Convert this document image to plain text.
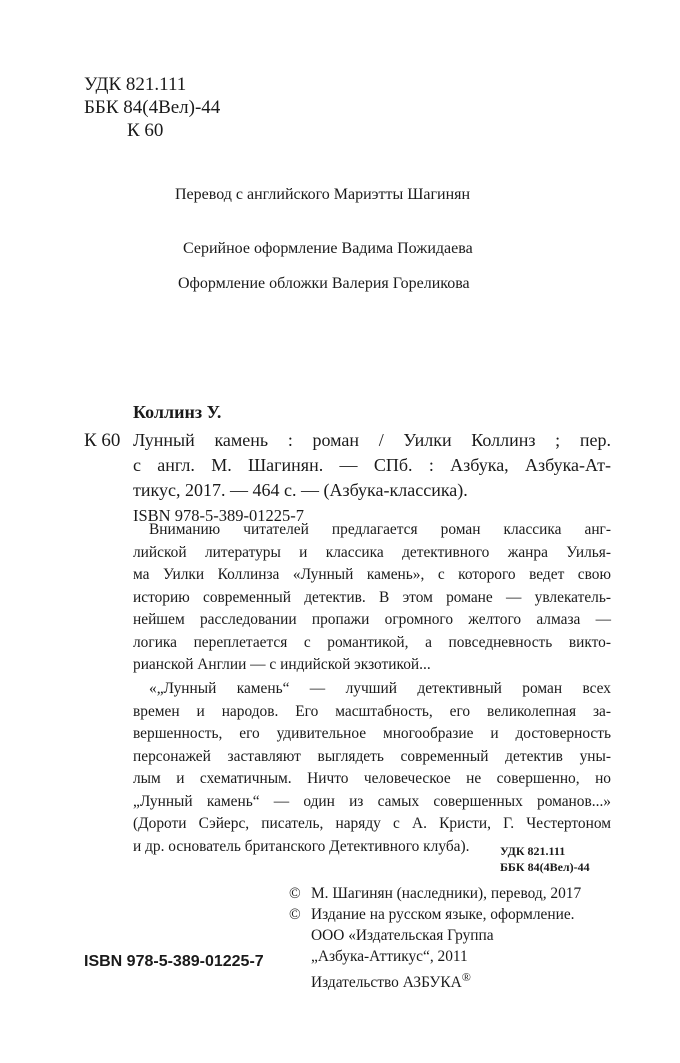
УДК 821.111
ББК 84(4Вел)-44
К 60
Перевод с английского Мариэтты Шагинян
Серийное оформление Вадима Пожидаева
Оформление обложки Валерия Гореликова
Коллинз У.
К 60 Лунный камень : роман / Уилки Коллинз ; пер.
с англ. М. Шагинян. — СПб. : Азбука, Азбука-Ат-
тикус, 2017. — 464 с. — (Азбука-классика).
ISBN 978-5-389-01225-7
Вниманию читателей предлагается роман классика анг-
лийской литературы и классика детективного жанра Уилья-
ма Уилки Коллинза «Лунный камень», с которого ведет свою
историю современный детектив. В этом романе — увлекатель-
нейшем расследовании пропажи огромного желтого алмаза —
логика переплетается с романтикой, а повседневность викто-
рианской Англии — с индийской экзотикой...
«„Лунный камень“ — лучший детективный роман всех
времен и народов. Его масштабность, его великолепная за-
вершенность, его удивительное многообразие и достоверность
персонажей заставляют выглядеть современный детектив уны-
лым и схематичным. Ничто человеческое не совершенно, но
„Лунный камень“ — один из самых совершенных романов...»
(Дороти Сэйерс, писатель, наряду с А. Кристи, Г. Честертоном
и др. основатель британского Детективного клуба).	УДК 821.111
ББК 84(4Вел)-44
© М. Шагинян (наследники), перевод, 2017
© Издание на русском языке, оформление.
ООО «Издательская Группа
„Азбука-Аттикус“, 2011
Издательство АЗБУКА®
ISBN 978-5-389-01225-7
